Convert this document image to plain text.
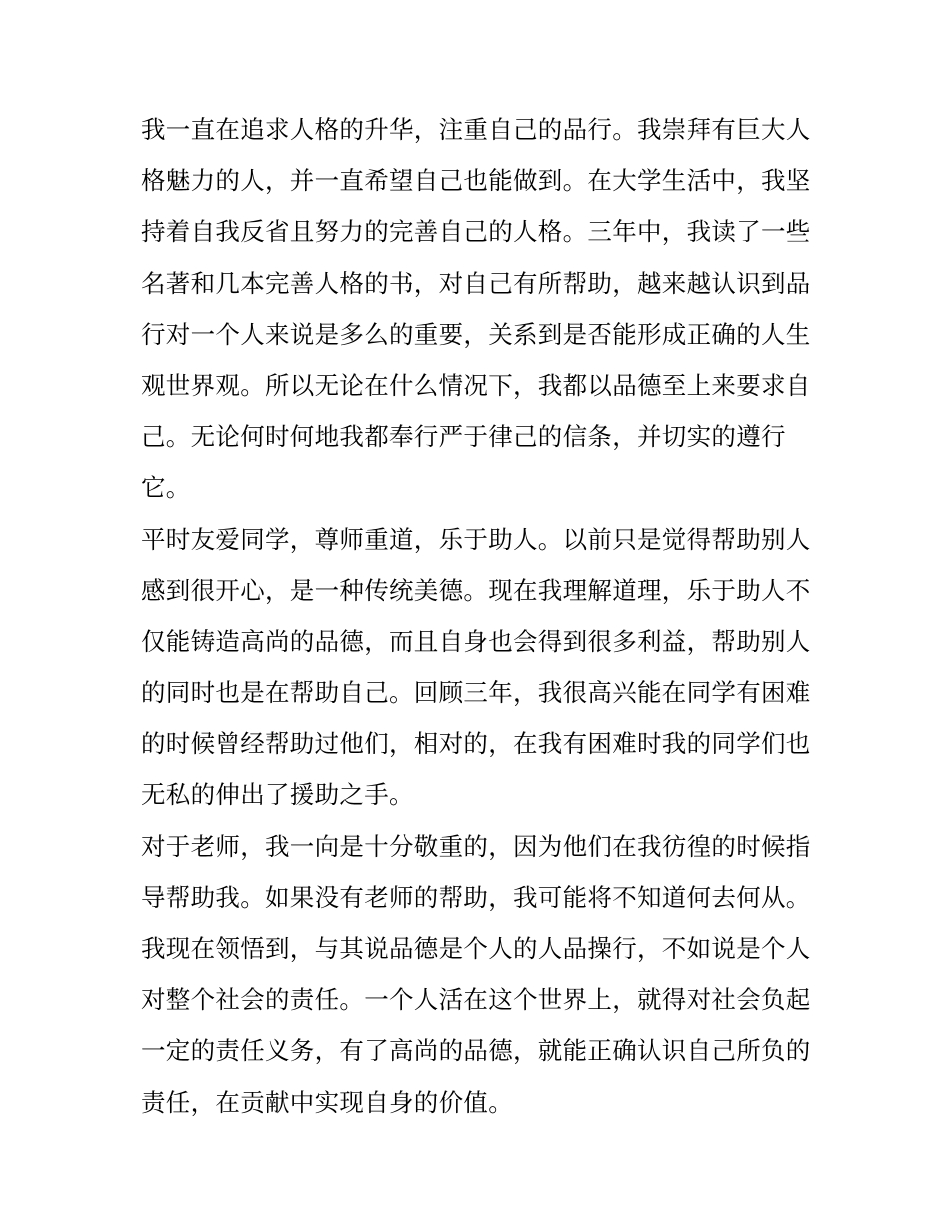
我一直在追求人格的升华，注重自己的品行。我崇拜有巨大人
格魅力的人，并一直希望自己也能做到。在大学生活中，我坚
持着自我反省且努力的完善自己的人格。三年中，我读了一些
名著和几本完善人格的书，对自己有所帮助，越来越认识到品
行对一个人来说是多么的重要，关系到是否能形成正确的人生
观世界观。所以无论在什么情况下，我都以品德至上来要求自
己。无论何时何地我都奉行严于律己的信条，并切实的遵行
它。
平时友爱同学，尊师重道，乐于助人。以前只是觉得帮助别人
感到很开心，是一种传统美德。现在我理解道理，乐于助人不
仅能铸造高尚的品德，而且自身也会得到很多利益，帮助别人
的同时也是在帮助自己。回顾三年，我很高兴能在同学有困难
的时候曾经帮助过他们，相对的，在我有困难时我的同学们也
无私的伸出了援助之手。
对于老师，我一向是十分敬重的，因为他们在我彷徨的时候指
导帮助我。如果没有老师的帮助，我可能将不知道何去何从。
我现在领悟到，与其说品德是个人的人品操行，不如说是个人
对整个社会的责任。一个人活在这个世界上，就得对社会负起
一定的责任义务，有了高尚的品德，就能正确认识自己所负的
责任，在贡献中实现自身的价值。
